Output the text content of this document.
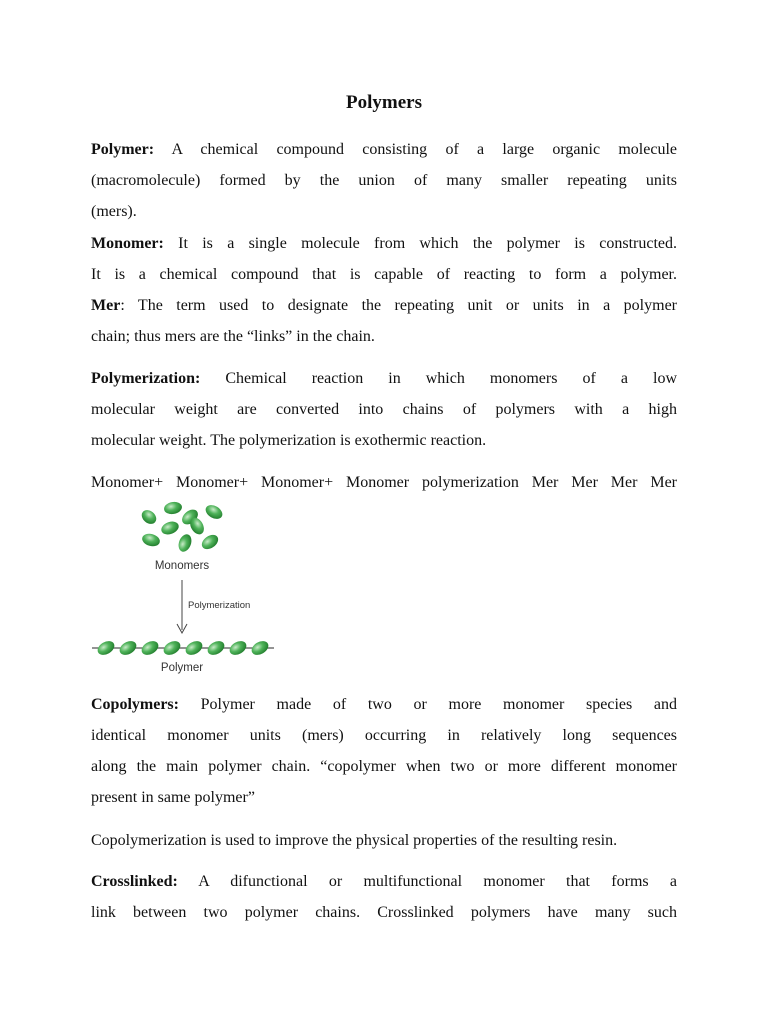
Polymers
Polymer: A chemical compound consisting of a large organic molecule
(macromolecule) formed by the union of many smaller repeating units
(mers).
Monomer: It is a single molecule from which the polymer is constructed.
It is a chemical compound that is capable of reacting to form a polymer.
Mer: The term used to designate the repeating unit or units in a polymer
chain; thus mers are the “links” in the chain.
Polymerization: Chemical reaction in which monomers of a low
molecular weight are converted into chains of polymers with a high
molecular weight. The polymerization is exothermic reaction.
Monomer+ Monomer+ Monomer+ Monomer polymerization Mer Mer Mer Mer
Monomers
Polymerization
Polymer
Copolymers: Polymer made of two or more monomer species and
identical monomer units (mers) occurring in relatively long sequences
along the main polymer chain. “copolymer when two or more different monomer
present in same polymer”
Copolymerization is used to improve the physical properties of the resulting resin.
Crosslinked: A difunctional or multifunctional monomer that forms a
link between two polymer chains. Crosslinked polymers have many such
